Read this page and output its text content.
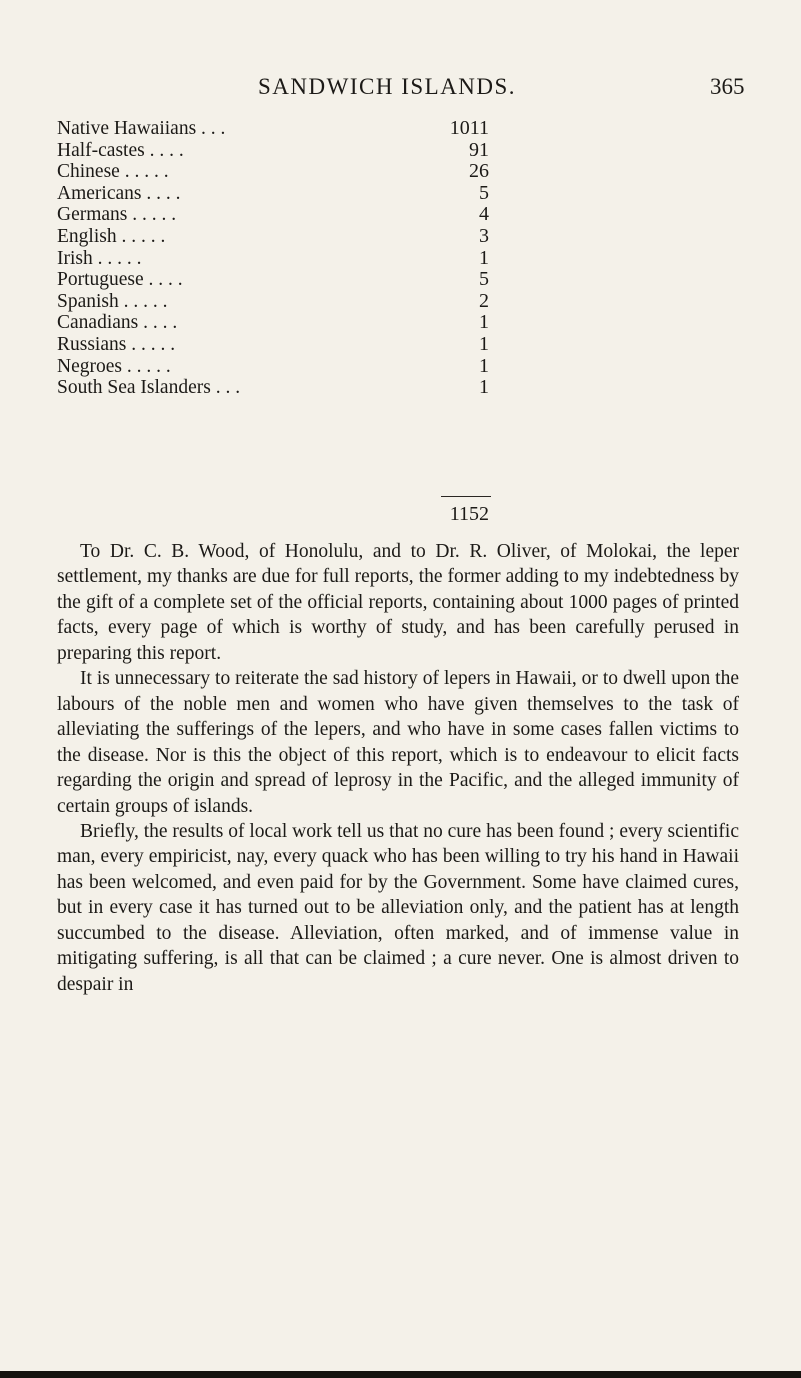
SANDWICH ISLANDS.	365
Native Hawaiians . . .	1011
Half-castes . . . .	91
Chinese . . . . .	26
Americans . . . .	5
Germans . . . . .	4
English . . . . .	3
Irish . . . . .	1
Portuguese . . . .	5
Spanish . . . . .	2
Canadians . . . .	1
Russians . . . . .	1
Negroes . . . . .	1
South Sea Islanders . . .	1
1152

To Dr. C. B. Wood, of Honolulu, and to Dr. R. Oliver, of Molokai, the leper settlement, my thanks are due for full reports, the former adding to my indebtedness by the gift of a complete set of the official reports, containing about 1000 pages of printed facts, every page of which is worthy of study, and has been carefully perused in preparing this report.

It is unnecessary to reiterate the sad history of lepers in Hawaii, or to dwell upon the labours of the noble men and women who have given themselves to the task of alleviating the sufferings of the lepers, and who have in some cases fallen victims to the disease. Nor is this the object of this report, which is to endeavour to elicit facts regarding the origin and spread of leprosy in the Pacific, and the alleged immunity of certain groups of islands.

Briefly, the results of local work tell us that no cure has been found ; every scientific man, every empiricist, nay, every quack who has been willing to try his hand in Hawaii has been welcomed, and even paid for by the Government. Some have claimed cures, but in every case it has turned out to be alleviation only, and the patient has at length succumbed to the disease. Alleviation, often marked, and of immense value in mitigating suffering, is all that can be claimed ; a cure never. One is almost driven to despair in
